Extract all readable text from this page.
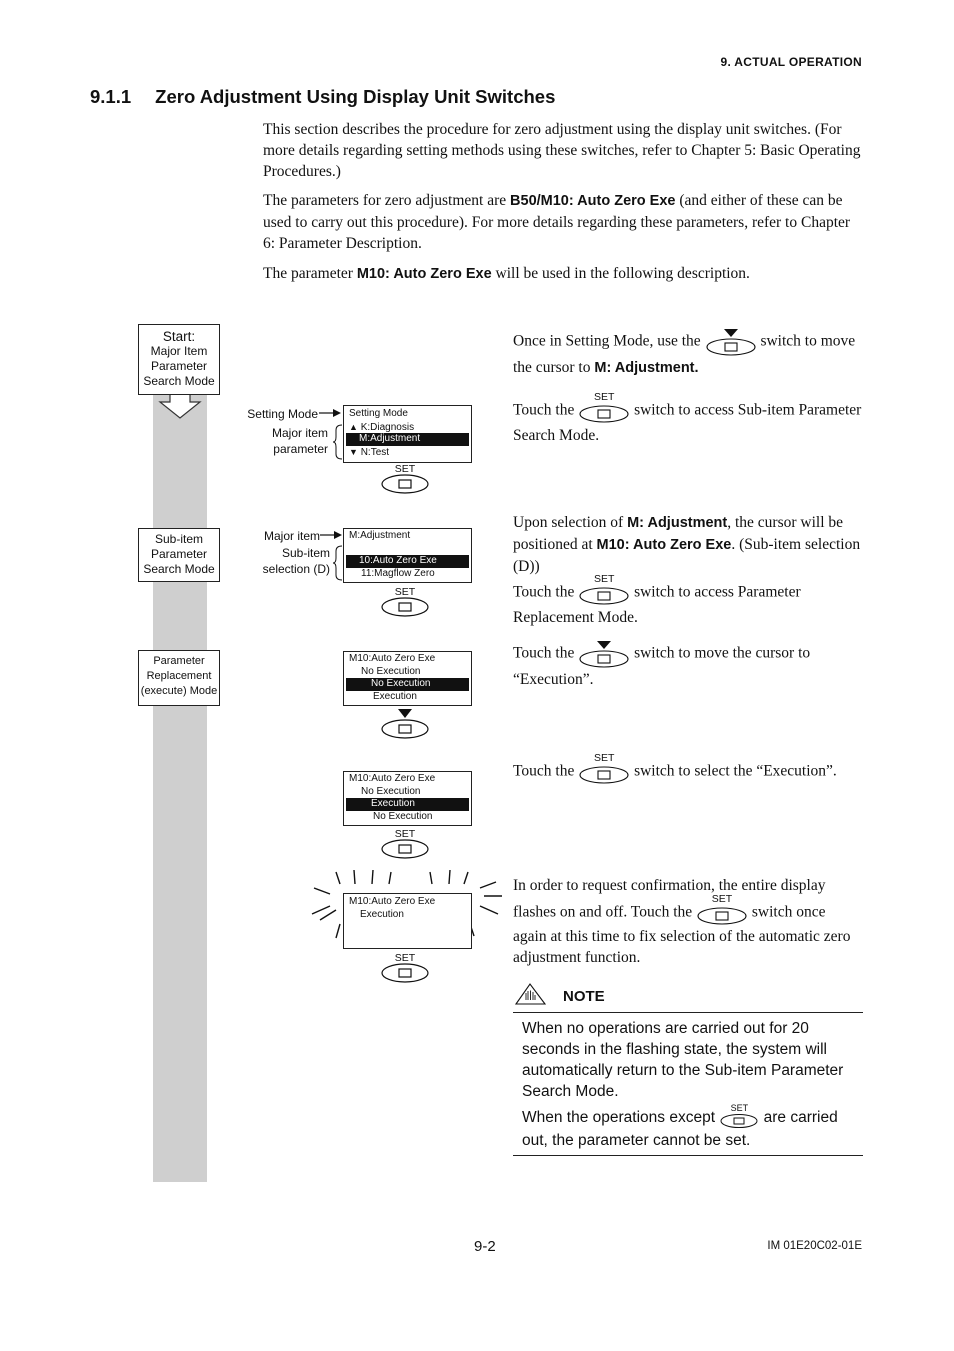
9. ACTUAL OPERATION
9.1.1 Zero Adjustment Using Display Unit Switches
This section describes the procedure for zero adjustment using the display unit switches. (For more details regarding setting methods using these switches, refer to Chapter 5: Basic Operating Procedures.)
The parameters for zero adjustment are B50/M10: Auto Zero Exe (and either of these can be used to carry out this procedure). For more details regarding these parameters, refer to Chapter 6: Parameter Description.
The parameter M10: Auto Zero Exe will be used in the following description.
Start:
Major Item Parameter Search Mode
Sub-item Parameter Search Mode
Parameter Replacement (execute) Mode
Setting Mode
Major item parameter
Setting Mode
▲ K:Diagnosis
M:Adjustment
▼ N:Test
SET
Major item
Sub-item selection (D)
M:Adjustment
10:Auto Zero Exe
11:Magflow Zero
SET
M10:Auto Zero Exe
No Execution
No Execution
Execution
M10:Auto Zero Exe
No Execution
Execution
No Execution
SET
M10:Auto Zero Exe
Execution
SET
Once in Setting Mode, use the	switch to move the cursor to M: Adjustment.
Touch the
SET
switch to access Sub-item Parameter Search Mode.
Upon selection of M: Adjustment, the cursor will be positioned at M10: Auto Zero Exe. (Sub-item selection (D))
Touch the
SET
switch to access Parameter Replacement Mode.
Touch the	switch to move the cursor to “Execution”.
Touch the
SET
switch to select the “Execution”.
In order to request confirmation, the entire display
flashes on and off. Touch the
SET
switch once
again at this time to fix selection of the automatic zero adjustment function.
NOTE
When no operations are carried out for 20 seconds in the flashing state, the system will automatically return to the Sub-item Parameter Search Mode.
When the operations except
SET
are carried out, the parameter cannot be set.
9-2	IM 01E20C02-01E
